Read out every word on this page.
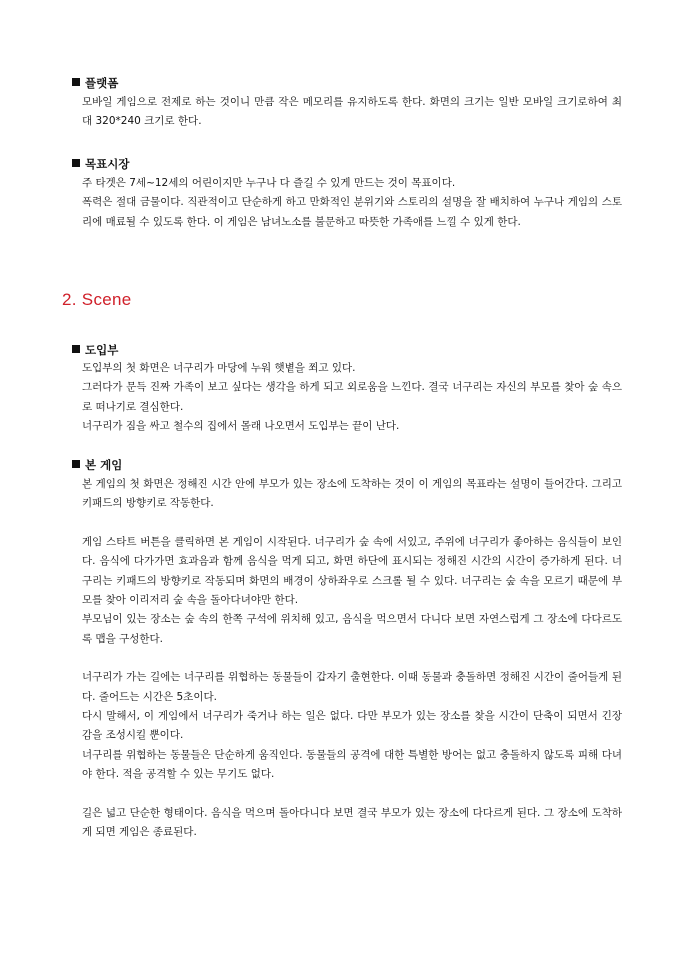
플랫폼

모바일 게임으로 전제로 하는 것이니 만큼 작은 메모리를 유지하도록 한다. 화면의 크기는 일반 모바일 크기로하여 최대 320*240 크기로 한다.

목표시장

주 타겟은 7세~12세의 어린이지만 누구나 다 즐길 수 있게 만드는 것이 목표이다.

폭력은 절대 금물이다. 직관적이고 단순하게 하고 만화적인 분위기와 스토리의 설명을 잘 배치하여 누구나 게임의 스토리에 매료될 수 있도록 한다. 이 게임은 남녀노소를 불문하고 따뜻한 가족애를 느낄 수 있게 한다.

2. Scene
도입부

도입부의 첫 화면은 너구리가 마당에 누워 햇볕을 쬐고 있다.

그러다가 문득 진짜 가족이 보고 싶다는 생각을 하게 되고 외로움을 느낀다. 결국 너구리는 자신의 부모를 찾아 숲 속으로 떠나기로 결심한다.

너구리가 짐을 싸고 철수의 집에서 몰래 나오면서 도입부는 끝이 난다.

본 게임

본 게임의 첫 화면은 정해진 시간 안에 부모가 있는 장소에 도착하는 것이 이 게임의 목표라는 설명이 들어간다. 그리고 키패드의 방향키로 작동한다.

게임 스타트 버튼을 클릭하면 본 게임이 시작된다. 너구리가 숲 속에 서있고, 주위에 너구리가 좋아하는 음식들이 보인다. 음식에 다가가면 효과음과 함께 음식을 먹게 되고, 화면 하단에 표시되는 정해진 시간의 시간이 증가하게 된다. 너구리는 키패드의 방향키로 작동되며 화면의 배경이 상하좌우로 스크롤 될 수 있다. 너구리는 숲 속을 모르기 때문에 부모를 찾아 이리저리 숲 속을 돌아다녀야만 한다.

부모님이 있는 장소는 숲 속의 한쪽 구석에 위치해 있고, 음식을 먹으면서 다니다 보면 자연스럽게 그 장소에 다다르도록 맵을 구성한다.

너구리가 가는 길에는 너구리를 위협하는 동물들이 갑자기 출현한다. 이때 동물과 충돌하면 정해진 시간이 줄어들게 된다. 줄어드는 시간은 5초이다.

다시 말해서, 이 게임에서 너구리가 죽거나 하는 일은 없다. 다만 부모가 있는 장소를 찾을 시간이 단축이 되면서 긴장감을 조성시킬 뿐이다.

너구리를 위협하는 동물들은 단순하게 움직인다. 동물들의 공격에 대한 특별한 방어는 없고 충돌하지 않도록 피해 다녀야 한다. 적을 공격할 수 있는 무기도 없다.

길은 넓고 단순한 형태이다. 음식을 먹으며 돌아다니다 보면 결국 부모가 있는 장소에 다다르게 된다. 그 장소에 도착하게 되면 게임은 종료된다.
